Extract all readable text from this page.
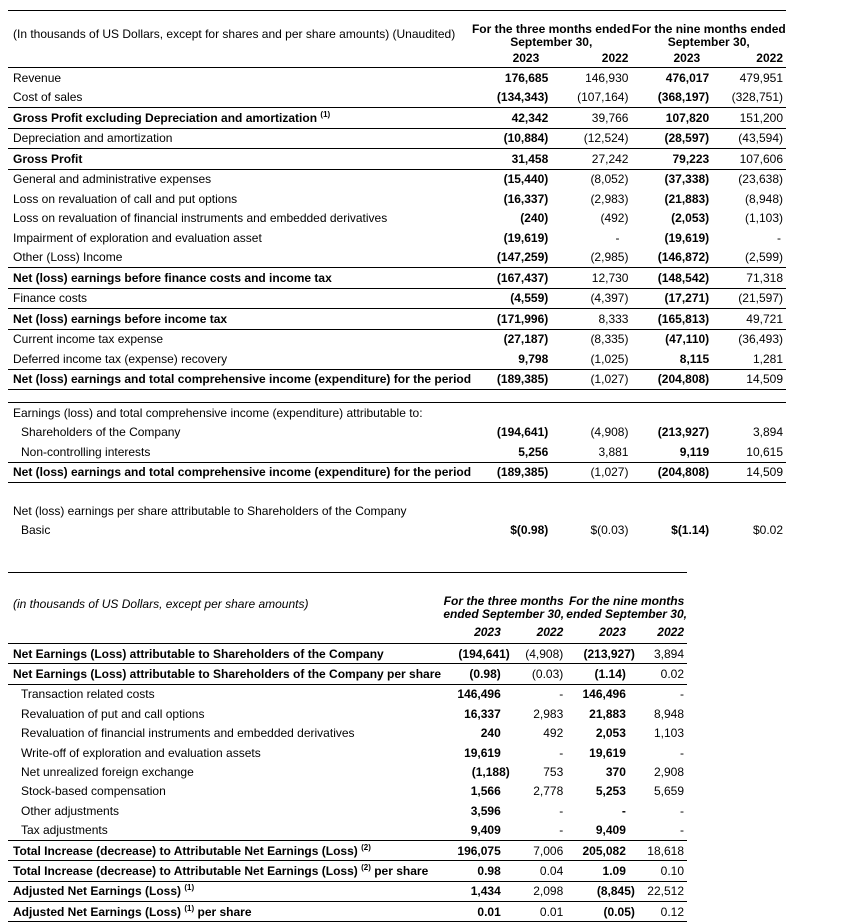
(In thousands of US Dollars, except for shares and per share amounts) (Unaudited)	For the three months ended
September 30,

For the nine months ended
September 30,

	2023	2022	2023	2022
Revenue	176,685	146,930	476,017	479,951
Cost of sales	(134,343)	(107,164)	(368,197)	(328,751)
Gross Profit excluding Depreciation and amortization $^{(1)}$	42,342	39,766	107,820	151,200
Depreciation and amortization	(10,884)	(12,524)	(28,597)	(43,594)
Gross Profit	31,458	27,242	79,223	107,606
General and administrative expenses	(15,440)	(8,052)	(37,338)	(23,638)
Loss on revaluation of call and put options	(16,337)	(2,983)	(21,883)	(8,948)
Loss on revaluation of financial instruments and embedded derivatives	(240)	(492)	(2,053)	(1,103)
Impairment of exploration and evaluation asset	(19,619)	-	(19,619)	-
Other (Loss) Income	(147,259)	(2,985)	(146,872)	(2,599)
Net (loss) earnings before finance costs and income tax	(167,437)	12,730	(148,542)	71,318
Finance costs	(4,559)	(4,397)	(17,271)	(21,597)
Net (loss) earnings before income tax	(171,996)	8,333	(165,813)	49,721
Current income tax expense	(27,187)	(8,335)	(47,110)	(36,493)
Deferred income tax (expense) recovery	9,798	(1,025)	8,115	1,281
Net (loss) earnings and total comprehensive income (expenditure) for the period	(189,385)	(1,027)	(204,808)	14,509

Earnings (loss) and total comprehensive income (expenditure) attributable to:				
Shareholders of the Company	(194,641)	(4,908)	(213,927)	3,894
Non-controlling interests	5,256	3,881	9,119	10,615
Net (loss) earnings and total comprehensive income (expenditure) for the period	(189,385)	(1,027)	(204,808)	14,509

Net (loss) earnings per share attributable to Shareholders of the Company				
Basic	$(0.98)	$(0.03)	$(1.14)	$0.02
(in thousands of US Dollars, except per share amounts)	For the three months
ended September 30,

For the nine months
ended September 30,

	2023	2022	2023	2022
Net Earnings (Loss) attributable to Shareholders of the Company	(194,641)	(4,908)	(213,927)	3,894
Net Earnings (Loss) attributable to Shareholders of the Company per share	(0.98)	(0.03)	(1.14)	0.02
Transaction related costs	146,496	-	146,496	-
Revaluation of put and call options	16,337	2,983	21,883	8,948
Revaluation of financial instruments and embedded derivatives	240	492	2,053	1,103
Write-off of exploration and evaluation assets	19,619	-	19,619	-
Net unrealized foreign exchange	(1,188)	753	370	2,908
Stock-based compensation	1,566	2,778	5,253	5,659
Other adjustments	3,596	-	-	-
Tax adjustments	9,409	-	9,409	-
Total Increase (decrease) to Attributable Net Earnings (Loss) $^{(2)}$	196,075	7,006	205,082	18,618
Total Increase (decrease) to Attributable Net Earnings (Loss) $^{(2)}$ per share	0.98	0.04	1.09	0.10
Adjusted Net Earnings (Loss) $^{(1)}$	1,434	2,098	(8,845)	22,512
Adjusted Net Earnings (Loss) $^{(1)}$ per share	0.01	0.01	(0.05)	0.12
